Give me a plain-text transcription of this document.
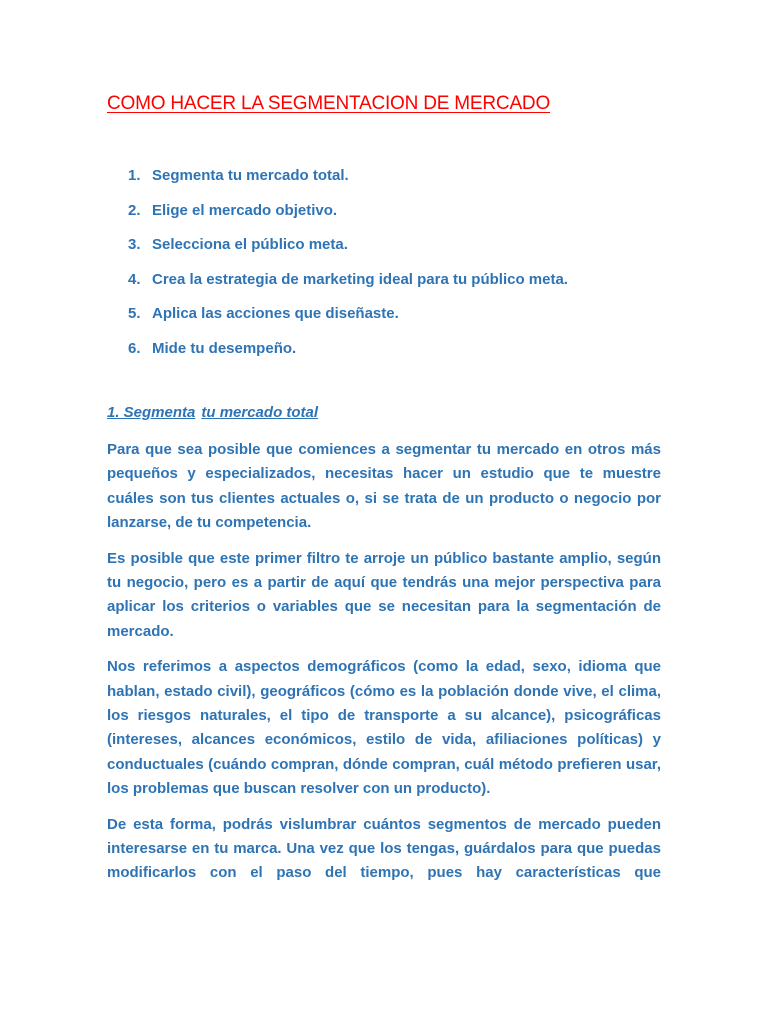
COMO HACER LA SEGMENTACION DE MERCADO
1. Segmenta tu mercado total.
2. Elige el mercado objetivo.
3. Selecciona el público meta.
4. Crea la estrategia de marketing ideal para tu público meta.
5. Aplica las acciones que diseñaste.
6. Mide tu desempeño.
1. Segmenta tu mercado total

Para que sea posible que comiences a segmentar tu mercado en otros más pequeños y especializados, necesitas hacer un estudio que te muestre cuáles son tus clientes actuales o, si se trata de un producto o negocio por lanzarse, de tu competencia.

Es posible que este primer filtro te arroje un público bastante amplio, según tu negocio, pero es a partir de aquí que tendrás una mejor perspectiva para aplicar los criterios o variables que se necesitan para la segmentación de mercado.

Nos referimos a aspectos demográficos (como la edad, sexo, idioma que hablan, estado civil), geográficos (cómo es la población donde vive, el clima, los riesgos naturales, el tipo de transporte a su alcance), psicográficas (intereses, alcances económicos, estilo de vida, afiliaciones políticas) y conductuales (cuándo compran, dónde compran, cuál método prefieren usar, los problemas que buscan resolver con un producto).

De esta forma, podrás vislumbrar cuántos segmentos de mercado pueden interesarse en tu marca. Una vez que los tengas, guárdalos para que puedas modificarlos con el paso del tiempo, pues hay características que
